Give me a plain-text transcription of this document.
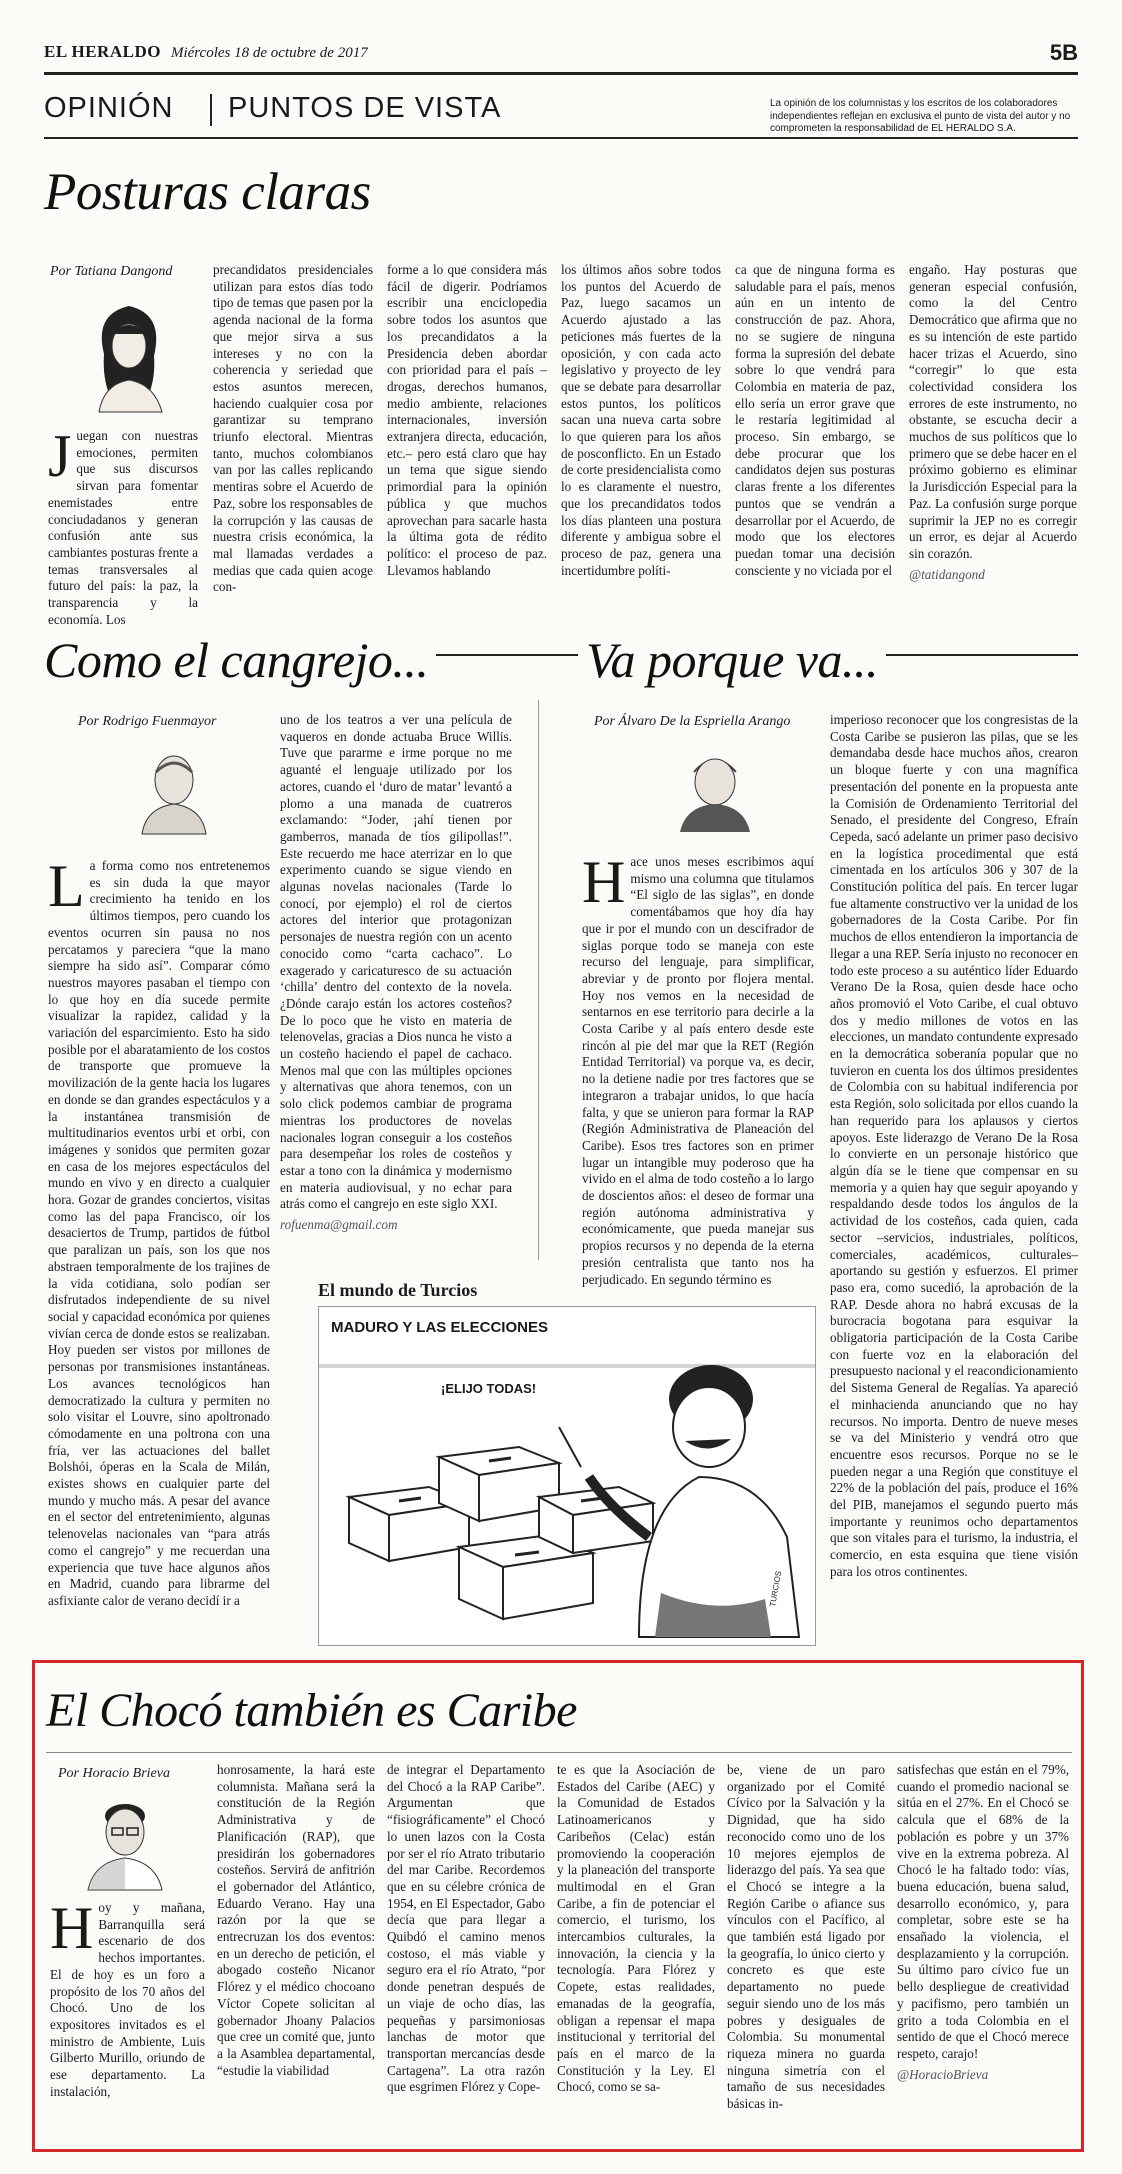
EL HERALDO Miércoles 18 de octubre de 2017	5B
OPINIÓN PUNTOS DE VISTA	La opinión de los columnistas y los escritos de los colaboradores independientes reflejan en exclusiva el punto de vista del autor y no comprometen la responsabilidad de EL HERALDO S.A.
Posturas claras
Por Tatiana Dangond
Juegan con nuestras emociones, permiten que sus discursos sirvan para fomentar enemistades entre conciudadanos y generan confusión ante sus cambiantes posturas frente a temas transversales al futuro del país: la paz, la transparencia y la economía. Los
precandidatos presidenciales utilizan para estos días todo tipo de temas que pasen por la agenda nacional de la forma que mejor sirva a sus intereses y no con la coherencia y seriedad que estos asuntos merecen, haciendo cualquier cosa por garantizar su temprano triunfo electoral. Mientras tanto, muchos colombianos van por las calles replicando mentiras sobre el Acuerdo de Paz, sobre los responsables de la corrupción y las causas de nuestra crisis económica, la mal llamadas verdades a medias que cada quien acoge con-
forme a lo que considera más fácil de digerir. Podríamos escribir una enciclopedia sobre todos los asuntos que los precandidatos a la Presidencia deben abordar con prioridad para el país –drogas, derechos humanos, medio ambiente, relaciones internacionales, inversión extranjera directa, educación, etc.– pero está claro que hay un tema que sigue siendo primordial para la opinión pública y que muchos aprovechan para sacarle hasta la última gota de rédito político: el proceso de paz. Llevamos hablando
los últimos años sobre todos los puntos del Acuerdo de Paz, luego sacamos un Acuerdo ajustado a las peticiones más fuertes de la oposición, y con cada acto legislativo y proyecto de ley que se debate para desarrollar estos puntos, los políticos sacan una nueva carta sobre lo que quieren para los años de posconflicto. En un Estado de corte presidencialista como lo es claramente el nuestro, que los precandidatos todos los días planteen una postura diferente y ambigua sobre el proceso de paz, genera una incertidumbre políti-
ca que de ninguna forma es saludable para el país, menos aún en un intento de construcción de paz. Ahora, no se sugiere de ninguna forma la supresión del debate sobre lo que vendrá para Colombia en materia de paz, ello sería un error grave que le restaría legitimidad al proceso. Sin embargo, se debe procurar que los candidatos dejen sus posturas claras frente a los diferentes puntos que se vendrán a desarrollar por el Acuerdo, de modo que los electores puedan tomar una decisión consciente y no viciada por el
engaño. Hay posturas que generan especial confusión, como la del Centro Democrático que afirma que no es su intención de este partido hacer trizas el Acuerdo, sino “corregir” lo que esta colectividad considera los errores de este instrumento, no obstante, se escucha decir a muchos de sus políticos que lo primero que se debe hacer en el próximo gobierno es eliminar la Jurisdicción Especial para la Paz. La confusión surge porque suprimir la JEP no es corregir un error, es dejar al Acuerdo sin corazón.
@tatidangond
Como el cangrejo...
Por Rodrigo Fuenmayor
La forma como nos entretenemos es sin duda la que mayor crecimiento ha tenido en los últimos tiempos, pero cuando los eventos ocurren sin pausa no nos percatamos y pareciera “que la mano siempre ha sido así”. Comparar cómo nuestros mayores pasaban el tiempo con lo que hoy en día sucede permite visualizar la rapidez, calidad y la variación del esparcimiento. Esto ha sido posible por el abaratamiento de los costos de transporte que promueve la movilización de la gente hacia los lugares en donde se dan grandes espectáculos y a la instantánea transmisión de multitudinarios eventos urbi et orbi, con imágenes y sonidos que permiten gozar en casa de los mejores espectáculos del mundo en vivo y en directo a cualquier hora. Gozar de grandes conciertos, visitas como las del papa Francisco, oír los desaciertos de Trump, partidos de fútbol que paralizan un país, son los que nos abstraen temporalmente de los trajines de la vida cotidiana, solo podían ser disfrutados independiente de su nivel social y capacidad económica por quienes vivían cerca de donde estos se realizaban. Hoy pueden ser vistos por millones de personas por transmisiones instantáneas. Los avances tecnológicos han democratizado la cultura y permiten no solo visitar el Louvre, sino apoltronado cómodamente en una poltrona con una fría, ver las actuaciones del ballet Bolshói, óperas en la Scala de Milán, existes shows en cualquier parte del mundo y mucho más. A pesar del avance en el sector del entretenimiento, algunas telenovelas nacionales van “para atrás como el cangrejo” y me recuerdan una experiencia que tuve hace algunos años en Madrid, cuando para librarme del asfixiante calor de verano decidí ir a
uno de los teatros a ver una película de vaqueros en donde actuaba Bruce Willis. Tuve que pararme e irme porque no me aguanté el lenguaje utilizado por los actores, cuando el ‘duro de matar’ levantó a plomo a una manada de cuatreros exclamando: “Joder, ¡ahí tienen por gamberros, manada de tíos gilipollas!”. Este recuerdo me hace aterrizar en lo que experimento cuando se sigue viendo en algunas novelas nacionales (Tarde lo conocí, por ejemplo) el rol de ciertos actores del interior que protagonizan personajes de nuestra región con un acento conocido como “carta cachaco”. Lo exagerado y caricaturesco de su actuación ‘chilla’ dentro del contexto de la novela. ¿Dónde carajo están los actores costeños? De lo poco que he visto en materia de telenovelas, gracias a Dios nunca he visto a un costeño haciendo el papel de cachaco. Menos mal que con las múltiples opciones y alternativas que ahora tenemos, con un solo click podemos cambiar de programa mientras los productores de novelas nacionales logran conseguir a los costeños para desempeñar los roles de costeños y estar a tono con la dinámica y modernismo en materia audiovisual, y no echar para atrás como el cangrejo en este siglo XXI.
rofuenma@gmail.com
Va porque va...
Por Álvaro De la Espriella Arango
Hace unos meses escribimos aquí mismo una columna que titulamos “El siglo de las siglas”, en donde comentábamos que hoy día hay que ir por el mundo con un descifrador de siglas porque todo se maneja con este recurso del lenguaje, para simplificar, abreviar y de pronto por flojera mental. Hoy nos vemos en la necesidad de sentarnos en ese territorio para decirle a la Costa Caribe y al país entero desde este rincón al pie del mar que la RET (Región Entidad Territorial) va porque va, es decir, no la detiene nadie por tres factores que se integraron a trabajar unidos, lo que hacía falta, y que se unieron para formar la RAP (Región Administrativa de Planeación del Caribe). Esos tres factores son en primer lugar un intangible muy poderoso que ha vivido en el alma de todo costeño a lo largo de doscientos años: el deseo de formar una región autónoma administrativa y económicamente, que pueda manejar sus propios recursos y no dependa de la eterna presión centralista que tanto nos ha perjudicado. En segundo término es
imperioso reconocer que los congresistas de la Costa Caribe se pusieron las pilas, que se les demandaba desde hace muchos años, crearon un bloque fuerte y con una magnífica presentación del ponente en la propuesta ante la Comisión de Ordenamiento Territorial del Senado, el presidente del Congreso, Efraín Cepeda, sacó adelante un primer paso decisivo en la logística procedimental que está cimentada en los artículos 306 y 307 de la Constitución política del país. En tercer lugar fue altamente constructivo ver la unidad de los gobernadores de la Costa Caribe. Por fin muchos de ellos entendieron la importancia de llegar a una REP. Sería injusto no reconocer en todo este proceso a su auténtico líder Eduardo Verano De la Rosa, quien desde hace ocho años promovió el Voto Caribe, el cual obtuvo dos y medio millones de votos en las elecciones, un mandato contundente expresado en la democrática soberanía popular que no tuvieron en cuenta los dos últimos presidentes de Colombia con su habitual indiferencia por esta Región, solo solicitada por ellos cuando la han requerido para los aplausos y ciertos apoyos. Este liderazgo de Verano De la Rosa lo convierte en un personaje histórico que algún día se le tiene que compensar en su memoria y a quien hay que seguir apoyando y respaldando desde todos los ángulos de la actividad de los costeños, cada quien, cada sector –servicios, industriales, políticos, comerciales, académicos, culturales– aportando su gestión y esfuerzos. El primer paso era, como sucedió, la aprobación de la RAP. Desde ahora no habrá excusas de la burocracia bogotana para esquivar la obligatoria participación de la Costa Caribe con fuerte voz en la elaboración del presupuesto nacional y el reacondicionamiento del Sistema General de Regalías. Ya apareció el minhacienda anunciando que no hay recursos. No importa. Dentro de nueve meses se va del Ministerio y vendrá otro que encuentre esos recursos. Porque no se le pueden negar a una Región que constituye el 22% de la población del país, produce el 16% del PIB, manejamos el segundo puerto más importante y reunimos ocho departamentos que son vitales para el turismo, la industria, el comercio, en esta esquina que tiene visión para los otros continentes.
El mundo de Turcios
MADURO Y LAS ELECCIONES
¡ELIJO TODAS!
TURCIOS
El Chocó también es Caribe
Por Horacio Brieva
Hoy y mañana, Barranquilla será escenario de dos hechos importantes. El de hoy es un foro a propósito de los 70 años del Chocó. Uno de los expositores invitados es el ministro de Ambiente, Luis Gilberto Murillo, oriundo de ese departamento. La instalación,
honrosamente, la hará este columnista. Mañana será la constitución de la Región Administrativa y de Planificación (RAP), que presidirán los gobernadores costeños. Servirá de anfitrión el gobernador del Atlántico, Eduardo Verano. Hay una razón por la que se entrecruzan los dos eventos: en un derecho de petición, el abogado costeño Nicanor Flórez y el médico chocoano Víctor Copete solicitan al gobernador Jhoany Palacios que cree un comité que, junto a la Asamblea departamental, “estudie la viabilidad
de integrar el Departamento del Chocó a la RAP Caribe”. Argumentan que “fisiográficamente” el Chocó lo unen lazos con la Costa por ser el río Atrato tributario del mar Caribe. Recordemos que en su célebre crónica de 1954, en El Espectador, Gabo decía que para llegar a Quibdó el camino menos costoso, el más viable y seguro era el río Atrato, “por donde penetran después de un viaje de ocho días, las pequeñas y parsimoniosas lanchas de motor que transportan mercancías desde Cartagena”. La otra razón que esgrimen Flórez y Cope-
te es que la Asociación de Estados del Caribe (AEC) y la Comunidad de Estados Latinoamericanos y Caribeños (Celac) están promoviendo la cooperación y la planeación del transporte multimodal en el Gran Caribe, a fin de potenciar el comercio, el turismo, los intercambios culturales, la innovación, la ciencia y la tecnología. Para Flórez y Copete, estas realidades, emanadas de la geografía, obligan a repensar el mapa institucional y territorial del país en el marco de la Constitución y la Ley. El Chocó, como se sa-
be, viene de un paro organizado por el Comité Cívico por la Salvación y la Dignidad, que ha sido reconocido como uno de los 10 mejores ejemplos de liderazgo del país. Ya sea que el Chocó se integre a la Región Caribe o afiance sus vínculos con el Pacífico, al que también está ligado por la geografía, lo único cierto y concreto es que este departamento no puede seguir siendo uno de los más pobres y desiguales de Colombia. Su monumental riqueza minera no guarda ninguna simetría con el tamaño de sus necesidades básicas in-
satisfechas que están en el 79%, cuando el promedio nacional se sitúa en el 27%. En el Chocó se calcula que el 68% de la población es pobre y un 37% vive en la extrema pobreza. Al Chocó le ha faltado todo: vías, buena educación, buena salud, desarrollo económico, y, para completar, sobre este se ha ensañado la violencia, el desplazamiento y la corrupción. Su último paro cívico fue un bello despliegue de creatividad y pacifismo, pero también un grito a toda Colombia en el sentido de que el Chocó merece respeto, carajo!
@HoracioBrieva
